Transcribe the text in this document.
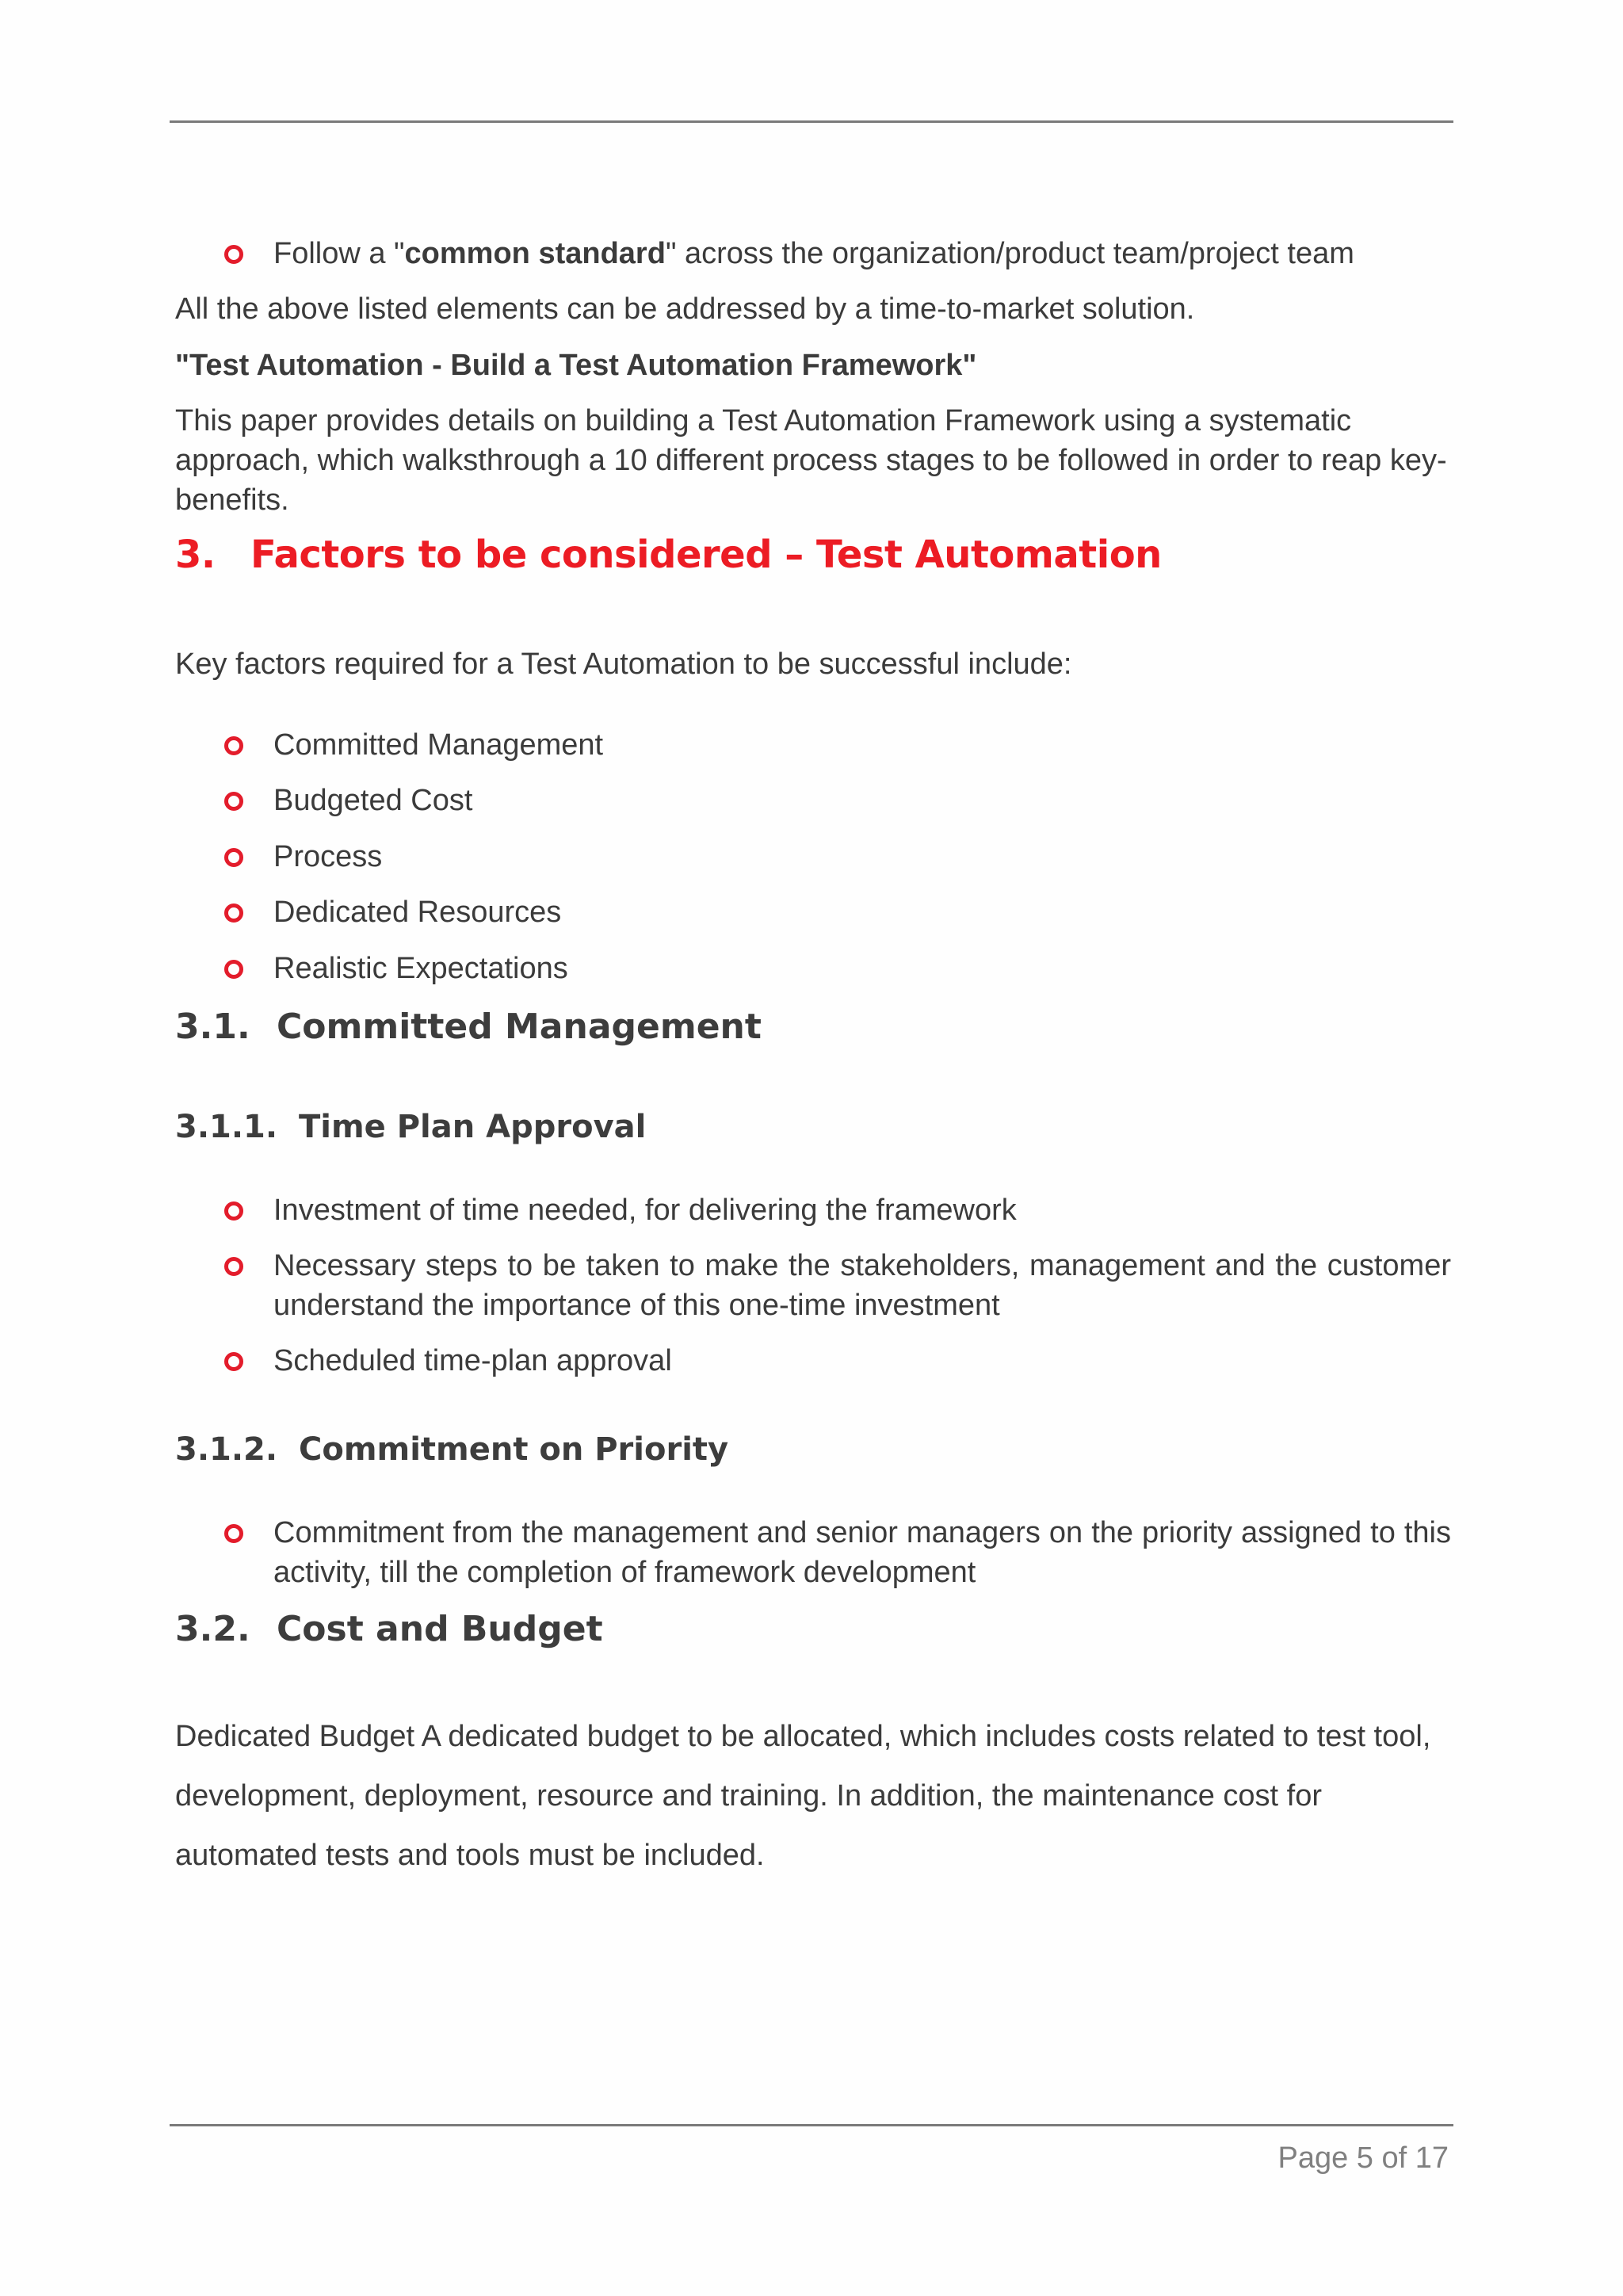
Follow a "common standard" across the organization/product team/project team

All the above listed elements can be addressed by a time-to-market solution.

"Test Automation - Build a Test Automation Framework"

This paper provides details on building a Test Automation Framework using a systematic approach, which walksthrough a 10 different process stages to be followed in order to reap key-benefits.

3. Factors to be considered – Test Automation

Key factors required for a Test Automation to be successful include:

Committed Management
Budgeted Cost
Process
Dedicated Resources
Realistic Expectations
3.1. Committed Management
3.1.1. Time Plan Approval
Investment of time needed, for delivering the framework
Necessary steps to be taken to make the stakeholders, management and the customer understand the importance of this one-time investment
Scheduled time-plan approval
3.1.2. Commitment on Priority
Commitment from the management and senior managers on the priority assigned to this activity, till the completion of framework development
3.2. Cost and Budget

Dedicated Budget A dedicated budget to be allocated, which includes costs related to test tool,

development, deployment, resource and training. In addition, the maintenance cost for

automated tests and tools must be included.

Page 5 of 17
